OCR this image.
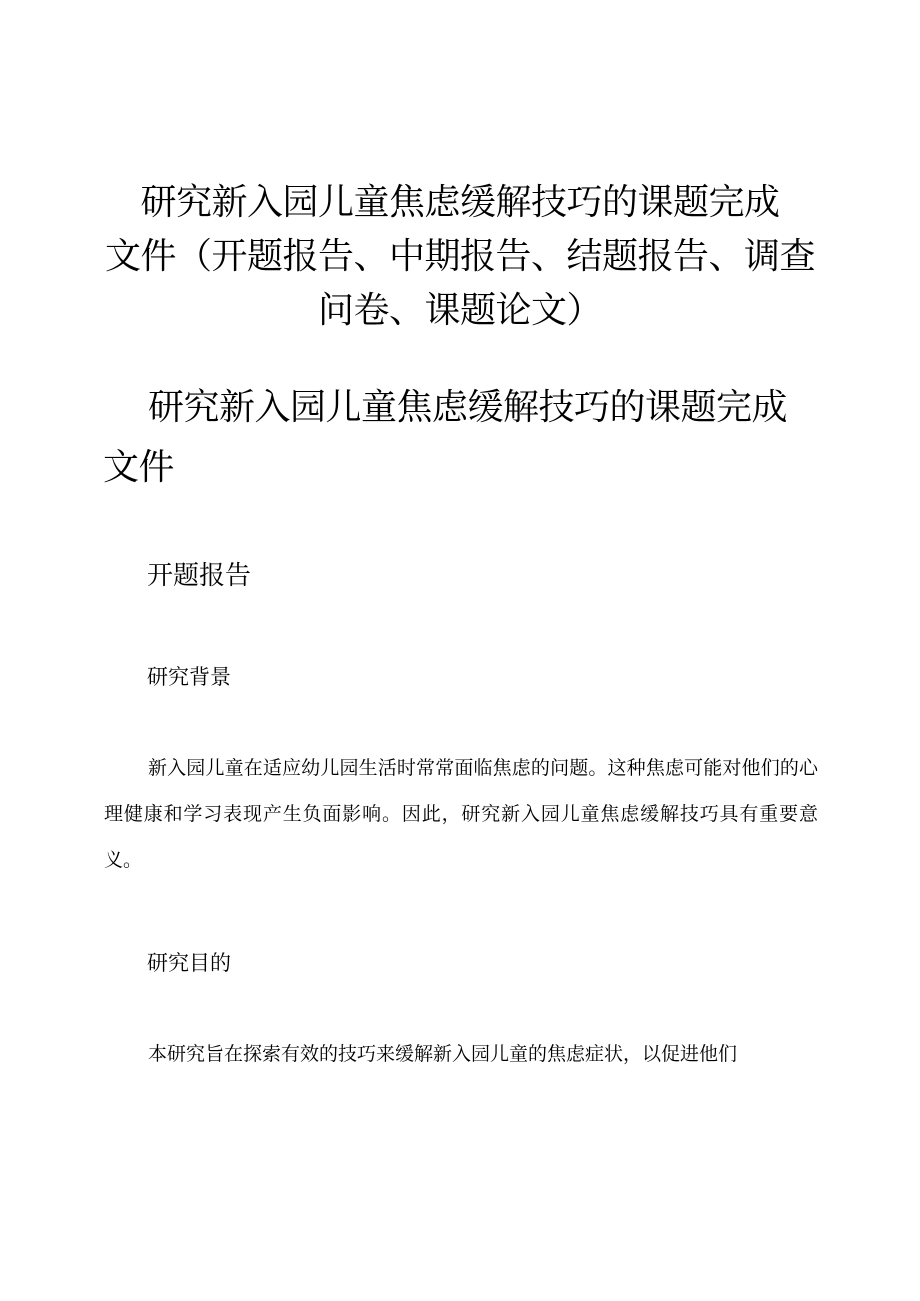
研究新入园儿童焦虑缓解技巧的课题完成
文件（开题报告、中期报告、结题报告、调查
问卷、课题论文）
研究新入园儿童焦虑缓解技巧的课题完成
文件
开题报告
研究背景

新入园儿童在适应幼儿园生活时常常面临焦虑的问题。这种焦虑可能对他们的心理健康和学习表现产生负面影响。因此，研究新入园儿童焦虑缓解技巧具有重要意义。

研究目的

本研究旨在探索有效的技巧来缓解新入园儿童的焦虑症状，以促进他们
